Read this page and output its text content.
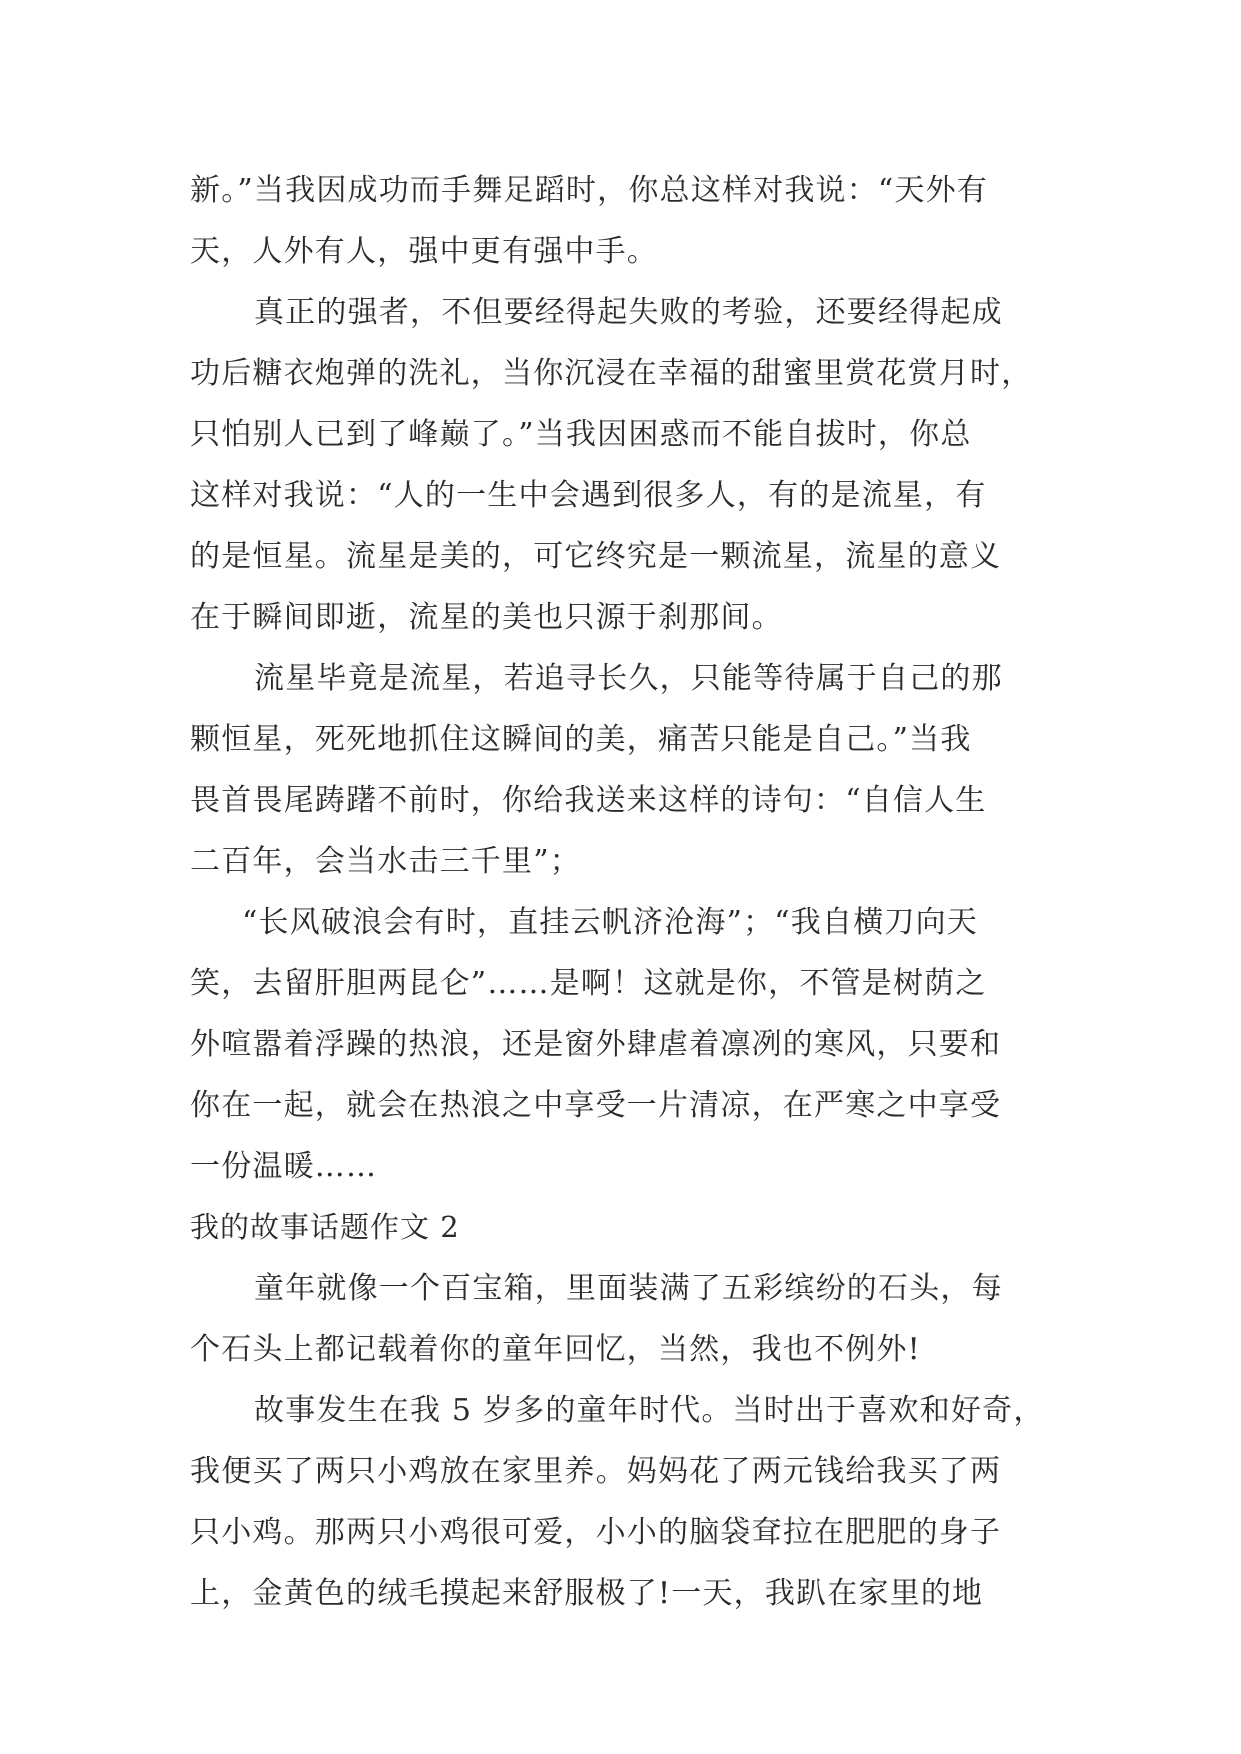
新。”当我因成功而手舞足蹈时，你总这样对我说：“天外有
天，人外有人，强中更有强中手。
真正的强者，不但要经得起失败的考验，还要经得起成
功后糖衣炮弹的洗礼，当你沉浸在幸福的甜蜜里赏花赏月时，
只怕别人已到了峰巅了。”当我因困惑而不能自拔时，你总
这样对我说：“人的一生中会遇到很多人，有的是流星，有
的是恒星。流星是美的，可它终究是一颗流星，流星的意义
在于瞬间即逝，流星的美也只源于刹那间。
流星毕竟是流星，若追寻长久，只能等待属于自己的那
颗恒星，死死地抓住这瞬间的美，痛苦只能是自己。”当我
畏首畏尾踌躇不前时，你给我送来这样的诗句：“自信人生
二百年，会当水击三千里”；
“长风破浪会有时，直挂云帆济沧海”；“我自横刀向天
笑，去留肝胆两昆仑”……是啊！这就是你，不管是树荫之
外喧嚣着浮躁的热浪，还是窗外肆虐着凛冽的寒风，只要和
你在一起，就会在热浪之中享受一片清凉，在严寒之中享受
一份温暖……
我的故事话题作文 2
童年就像一个百宝箱，里面装满了五彩缤纷的石头，每
个石头上都记载着你的童年回忆，当然，我也不例外!
故事发生在我 5 岁多的童年时代。当时出于喜欢和好奇，
我便买了两只小鸡放在家里养。妈妈花了两元钱给我买了两
只小鸡。那两只小鸡很可爱，小小的脑袋耷拉在肥肥的身子
上，金黄色的绒毛摸起来舒服极了!一天，我趴在家里的地
